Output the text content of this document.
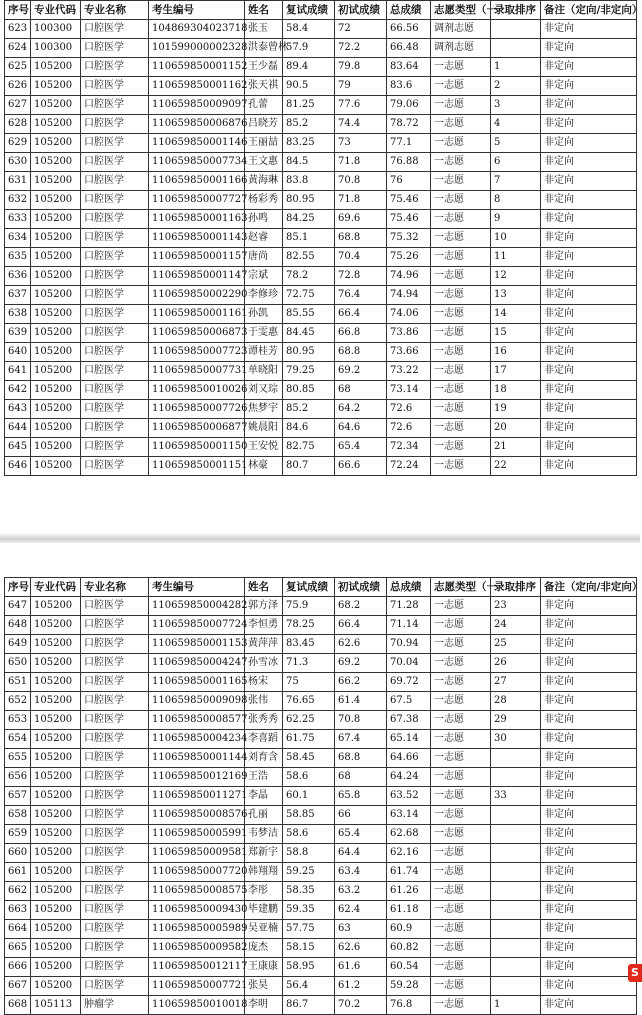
序号	专业代码	专业名称	考生编号	姓名	复试成绩	初试成绩	总成绩	志愿类型（一	录取排序	备注（定向/非定向）
623	100300	口腔医学	104869304023718	张玉	58.4	72	66.56	调剂志愿		非定向
624	100300	口腔医学	101599000002328	洪泰曾林	57.9	72.2	66.48	调剂志愿		非定向
625	105200	口腔医学	110659850001152	王少磊	89.4	79.8	83.64	一志愿	1	非定向
626	105200	口腔医学	110659850001162	张天祺	90.5	79	83.6	一志愿	2	非定向
627	105200	口腔医学	110659850009097	孔蕾	81.25	77.6	79.06	一志愿	3	非定向
628	105200	口腔医学	110659850006876	吕晓芳	85.2	74.4	78.72	一志愿	4	非定向
629	105200	口腔医学	110659850001146	王丽喆	83.25	73	77.1	一志愿	5	非定向
630	105200	口腔医学	110659850007734	王文惠	84.5	71.8	76.88	一志愿	6	非定向
631	105200	口腔医学	110659850001166	黄海琳	83.8	70.8	76	一志愿	7	非定向
632	105200	口腔医学	110659850007727	杨彩秀	80.95	71.8	75.46	一志愿	8	非定向
633	105200	口腔医学	110659850001163	孙鸣	84.25	69.6	75.46	一志愿	9	非定向
634	105200	口腔医学	110659850001143	赵睿	85.1	68.8	75.32	一志愿	10	非定向
635	105200	口腔医学	110659850001157	唐尚	82.55	70.4	75.26	一志愿	11	非定向
636	105200	口腔医学	110659850001147	宗斌	78.2	72.8	74.96	一志愿	12	非定向
637	105200	口腔医学	110659850002290	李修珍	72.75	76.4	74.94	一志愿	13	非定向
638	105200	口腔医学	110659850001161	孙凯	85.55	66.4	74.06	一志愿	14	非定向
639	105200	口腔医学	110659850006873	于雯惠	84.45	66.8	73.86	一志愿	15	非定向
640	105200	口腔医学	110659850007723	谭桂芳	80.95	68.8	73.66	一志愿	16	非定向
641	105200	口腔医学	110659850007731	单晓阳	79.25	69.2	73.22	一志愿	17	非定向
642	105200	口腔医学	110659850010026	刘又琮	80.85	68	73.14	一志愿	18	非定向
643	105200	口腔医学	110659850007726	焦梦宇	85.2	64.2	72.6	一志愿	19	非定向
644	105200	口腔医学	110659850006877	姚晨阳	84.6	64.6	72.6	一志愿	20	非定向
645	105200	口腔医学	110659850001150	王安悦	82.75	65.4	72.34	一志愿	21	非定向
646	105200	口腔医学	110659850001151	林豪	80.7	66.6	72.24	一志愿	22	非定向
序号	专业代码	专业名称	考生编号	姓名	复试成绩	初试成绩	总成绩	志愿类型（一	录取排序	备注（定向/非定向）
647	105200	口腔医学	110659850004282	郭方泽	75.9	68.2	71.28	一志愿	23	非定向
648	105200	口腔医学	110659850007724	李恒勇	78.25	66.4	71.14	一志愿	24	非定向
649	105200	口腔医学	110659850001153	黄萍萍	83.45	62.6	70.94	一志愿	25	非定向
650	105200	口腔医学	110659850004247	孙雪冰	71.3	69.2	70.04	一志愿	26	非定向
651	105200	口腔医学	110659850001165	杨宋	75	66.2	69.72	一志愿	27	非定向
652	105200	口腔医学	110659850009098	张伟	76.65	61.4	67.5	一志愿	28	非定向
653	105200	口腔医学	110659850008577	张秀秀	62.25	70.8	67.38	一志愿	29	非定向
654	105200	口腔医学	110659850004234	李喜蹈	61.75	67.4	65.14	一志愿	30	非定向
655	105200	口腔医学	110659850001144	刘育含	58.45	68.8	64.66	一志愿		非定向
656	105200	口腔医学	110659850012169	王浩	58.6	68	64.24	一志愿		非定向
657	105200	口腔医学	110659850011271	李晶	60.1	65.8	63.52	一志愿	33	非定向
658	105200	口腔医学	110659850008576	孔丽	58.85	66	63.14	一志愿		非定向
659	105200	口腔医学	110659850005991	韦梦洁	58.6	65.4	62.68	一志愿		非定向
660	105200	口腔医学	110659850009581	郑新宇	58.8	64.4	62.16	一志愿		非定向
661	105200	口腔医学	110659850007720	韩翔翔	59.25	63.4	61.74	一志愿		非定向
662	105200	口腔医学	110659850008575	李彤	58.35	63.2	61.26	一志愿		非定向
663	105200	口腔医学	110659850009430	毕建鹏	59.35	62.4	61.18	一志愿		非定向
664	105200	口腔医学	110659850005989	吴亚楠	57.75	63	60.9	一志愿		非定向
665	105200	口腔医学	110659850009582	庞杰	58.15	62.6	60.82	一志愿		非定向
666	105200	口腔医学	110659850012117	王康康	58.95	61.6	60.54	一志愿		非定向
667	105200	口腔医学	110659850007721	张昊	56.4	61.2	59.28	一志愿		非定向
668	105113	肿瘤学	110659850010018	李明	86.7	70.2	76.8	一志愿	1	非定向
S
